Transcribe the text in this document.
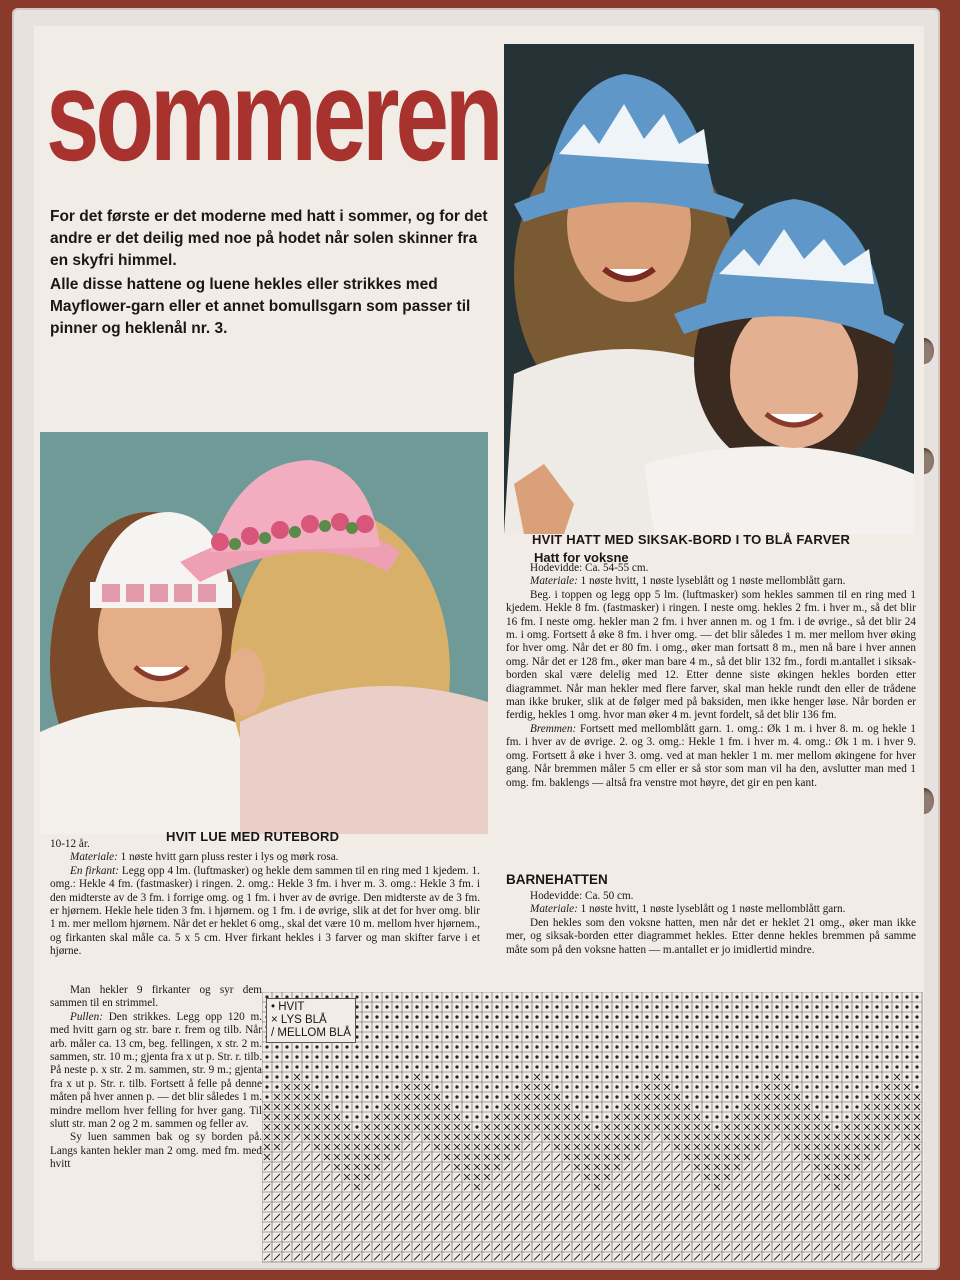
sommeren

For det første er det moderne med hatt i sommer, og for det andre er det deilig med noe på hodet når solen skinner fra en skyfri himmel.

Alle disse hattene og luene hekles eller strikkes med Mayflower-garn eller et annet bomullsgarn som passer til pinner og heklenål nr. 3.

HVIT HATT MED SIKSAK-BORD I TO BLÅ FARVER
Hatt for voksne

Hodevidde: Ca. 54-55 cm.

Materiale: 1 nøste hvitt, 1 nøste lyseblått og 1 nøste mellomblått garn.

Beg. i toppen og legg opp 5 lm. (luftmasker) som hekles sammen til en ring med 1 kjedem. Hekle 8 fm. (fastmasker) i ringen. I neste omg. hekles 2 fm. i hver m., så det blir 16 fm. I neste omg. hekler man 2 fm. i hver annen m. og 1 fm. i de øvrige., så det blir 24 m. i omg. Fortsett å øke 8 fm. i hver omg. — det blir således 1 m. mer mellom hver øking for hver omg. Når det er 80 fm. i omg., øker man fortsatt 8 m., men nå bare i hver annen omg. Når det er 128 fm., øker man bare 4 m., så det blir 132 fm., fordi m.antallet i siksak-borden skal være delelig med 12. Etter denne siste økingen hekles borden etter diagrammet. Når man hekler med flere farver, skal man hekle rundt den eller de trådene man ikke bruker, slik at de følger med på baksiden, men ikke henger løse. Når borden er ferdig, hekles 1 omg. hvor man øker 4 m. jevnt fordelt, så det blir 136 fm.

Bremmen: Fortsett med mellomblått garn. 1. omg.: Øk 1 m. i hver 8. m. og hekle 1 fm. i hver av de øvrige. 2. og 3. omg.: Hekle 1 fm. i hver m. 4. omg.: Øk 1 m. i hver 9. omg. Fortsett å øke i hver 3. omg. ved at man hekler 1 m. mer mellom økingene for hver gang. Når bremmen måler 5 cm eller er så stor som man vil ha den, avslutter man med 1 omg. fm. baklengs — altså fra venstre mot høyre, det gir en pen kant.

BARNEHATTEN

Hodevidde: Ca. 50 cm.

Materiale: 1 nøste hvitt, 1 nøste lyseblått og 1 nøste mellomblått garn.

Den hekles som den voksne hatten, men når det er heklet 21 omg., øker man ikke mer, og siksak-borden etter diagrammet hekles. Etter denne hekles bremmen på samme måte som på den voksne hatten — m.antallet er jo imidlertid mindre.

HVIT LUE MED RUTEBORD

10-12 år.

Materiale: 1 nøste hvitt garn pluss rester i lys og mørk rosa.

En firkant: Legg opp 4 lm. (luftmasker) og hekle dem sammen til en ring med 1 kjedem. 1. omg.: Hekle 4 fm. (fastmasker) i ringen. 2. omg.: Hekle 3 fm. i hver m. 3. omg.: Hekle 3 fm. i den midterste av de 3 fm. i forrige omg. og 1 fm. i hver av de øvrige. Den midterste av de 3 fm. er hjørnem. Hekle hele tiden 3 fm. i hjørnem. og 1 fm. i de øvrige, slik at det for hver omg. blir 1 m. mer mellom hjørnem. Når det er heklet 6 omg., skal det være 10 m. mellom hver hjørnem., og firkanten skal måle ca. 5 x 5 cm. Hver firkant hekles i 3 farver og man skifter farve i et hjørne.

Man hekler 9 firkanter og syr dem sammen til en strimmel.

Pullen: Den strikkes. Legg opp 120 m. med hvitt garn og str. bare r. frem og tilb. Når arb. måler ca. 13 cm, beg. fellingen, x str. 2 m. sammen, str. 10 m.; gjenta fra x ut p. Str. r. tilb. På neste p. x str. 2 m. sammen, str. 9 m.; gjenta fra x ut p. Str. r. tilb. Fortsett å felle på denne måten på hver annen p. — det blir således 1 m. mindre mellom hver felling for hver gang. Til slutt str. man 2 og 2 m. sammen og feller av.

Sy luen sammen bak og sy borden på. Langs kanten hekler man 2 omg. med fm. med hvitt

• HVIT
× LYS BLÅ
/ MELLOM BLÅ
